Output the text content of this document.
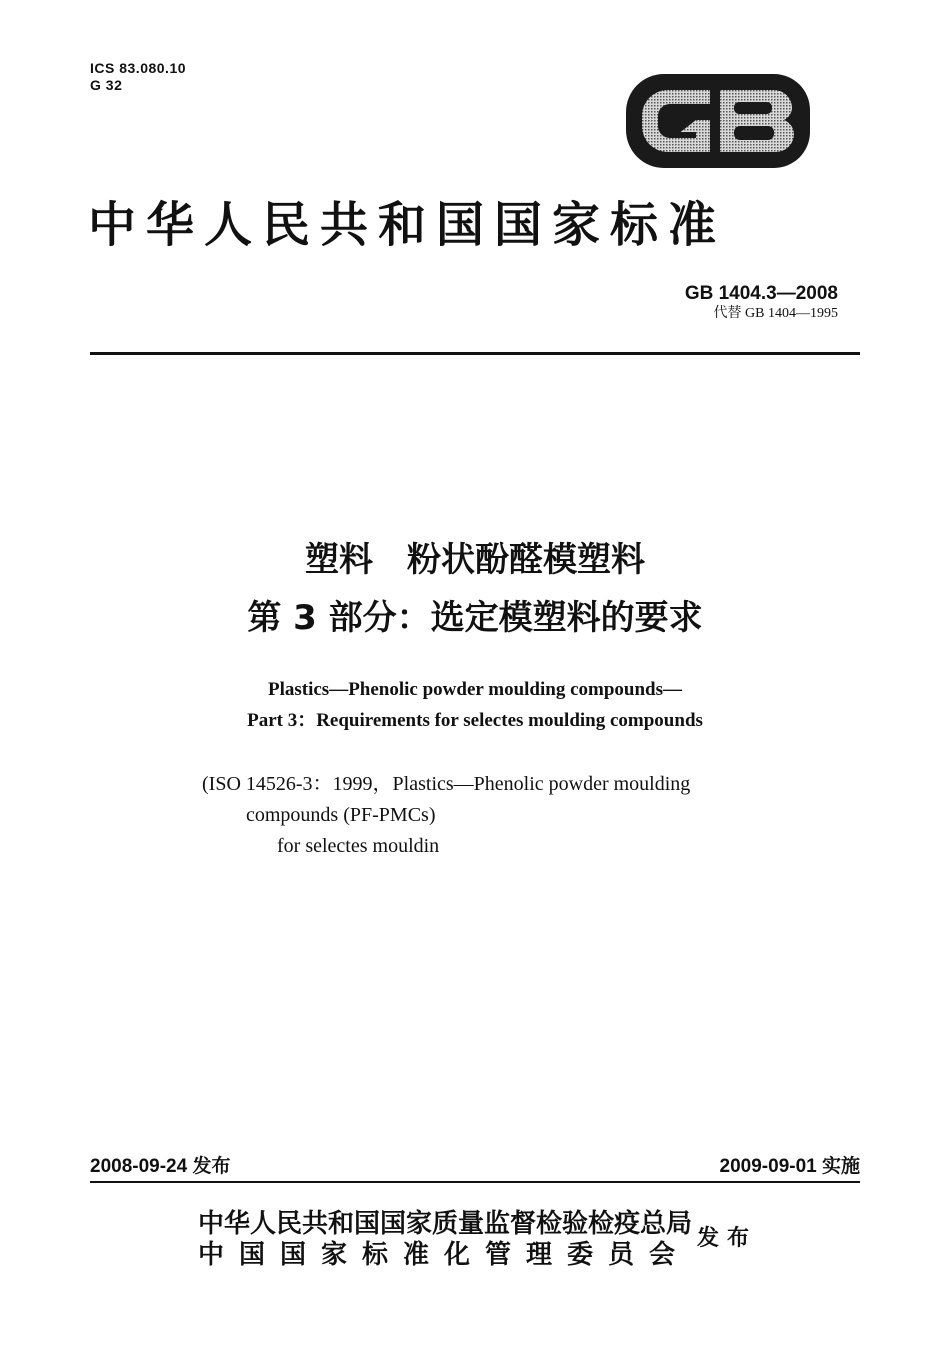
ICS 83.080.10
G 32
中华人民共和国国家标准
GB 1404.3—2008
代替 GB 1404—1995
塑料　粉状酚醛模塑料
第 3 部分：选定模塑料的要求
Plastics—Phenolic powder moulding compounds—
Part 3：Requirements for selectes moulding compounds
(ISO 14526-3：1999，Plastics—Phenolic powder moulding
compounds (PF-PMCs)
for selectes mouldin
2008-09-24 发布	2009-09-01 实施
中华人民共和国国家质量监督检验检疫总局
中国国家标准化管理委员会
发布
